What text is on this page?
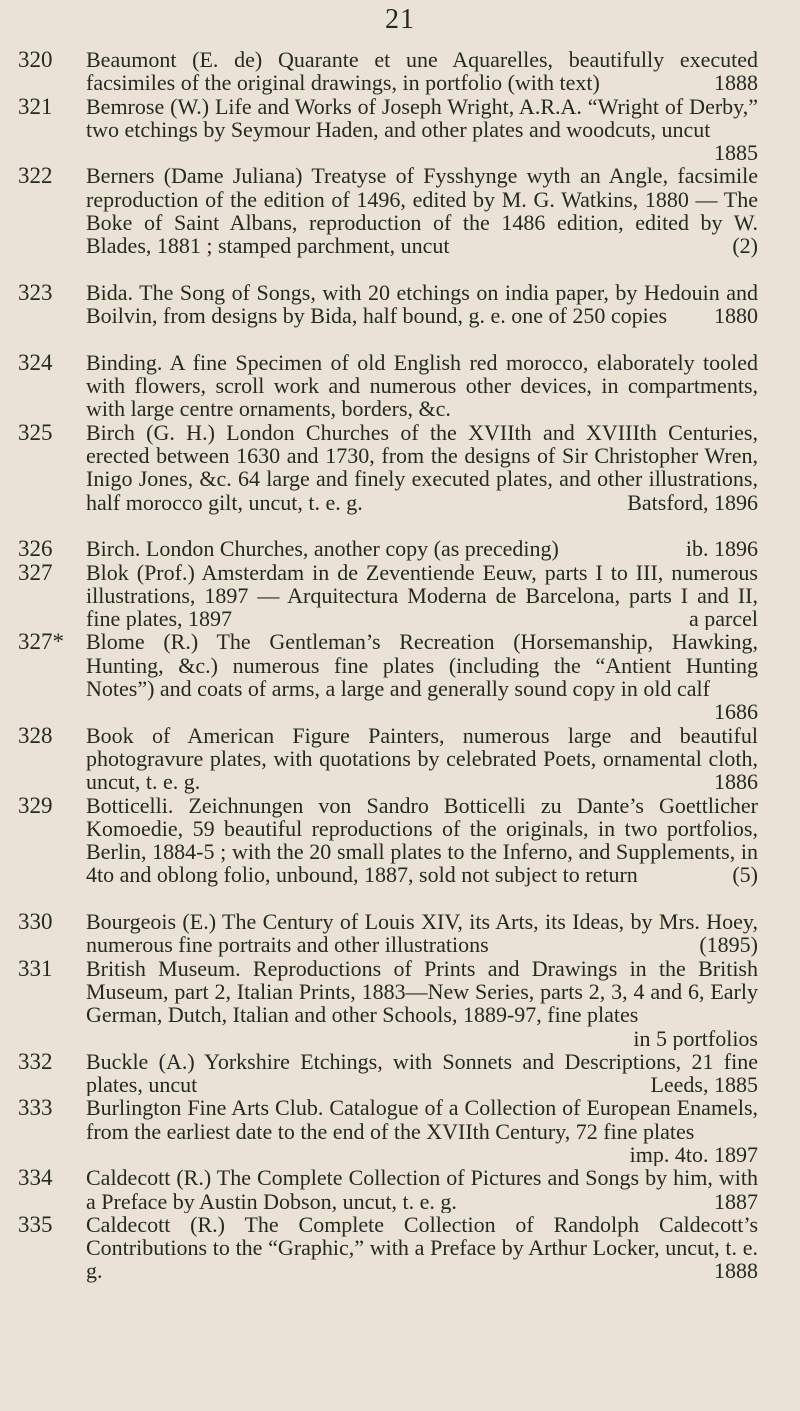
21
320	Beaumont (E. de) Quarante et une Aquarelles, beautifully executed facsimiles of the original drawings, in portfolio (with text)	1888
321	Bemrose (W.) Life and Works of Joseph Wright, A.R.A. “Wright of Derby,” two etchings by Seymour Haden, and other plates and woodcuts, uncut
1885
322	Berners (Dame Juliana) Treatyse of Fysshynge wyth an Angle, facsimile reproduction of the edition of 1496, edited by M. G. Watkins, 1880 — The Boke of Saint Albans, reproduction of the 1486 edition, edited by W. Blades, 1881 ; stamped parchment, uncut	(2)
323	Bida. The Song of Songs, with 20 etchings on india paper, by Hedouin and Boilvin, from designs by Bida, half bound, g. e. one of 250 copies 1880
324	Binding. A fine Specimen of old English red morocco, elaborately tooled with flowers, scroll work and numerous other devices, in compartments, with large centre ornaments, borders, &c.
325	Birch (G. H.) London Churches of the XVIIth and XVIIIth Centuries, erected between 1630 and 1730, from the designs of Sir Christopher Wren, Inigo Jones, &c. 64 large and finely executed plates, and other illustrations, half morocco gilt, uncut, t. e. g.	Batsford, 1896
326	Birch. London Churches, another copy (as preceding)	ib. 1896
327	Blok (Prof.) Amsterdam in de Zeventiende Eeuw, parts I to III, numerous illustrations, 1897 –– Arquitectura Moderna de Barcelona, parts I and II, fine plates, 1897	a parcel
327*	Blome (R.) The Gentleman’s Recreation (Horsemanship, Hawking, Hunting, &c.) numerous fine plates (including the “Antient Hunting Notes”) and coats of arms, a large and generally sound copy in old calf
1686
328	Book of American Figure Painters, numerous large and beautiful photogravure plates, with quotations by celebrated Poets, ornamental cloth, uncut, t. e. g.	1886
329	Botticelli. Zeichnungen von Sandro Botticelli zu Dante’s Goettlicher Komoedie, 59 beautiful reproductions of the originals, in two portfolios, Berlin, 1884-5 ; with the 20 small plates to the Inferno, and Supplements, in 4to and oblong folio, unbound, 1887, sold not subject to return	(5)
330	Bourgeois (E.) The Century of Louis XIV, its Arts, its Ideas, by Mrs. Hoey, numerous fine portraits and other illustrations	(1895)
331	British Museum. Reproductions of Prints and Drawings in the British Museum, part 2, Italian Prints, 1883—New Series, parts 2, 3, 4 and 6, Early German, Dutch, Italian and other Schools, 1889-97, fine plates
in 5 portfolios
332	Buckle (A.) Yorkshire Etchings, with Sonnets and Descriptions, 21 fine plates, uncut	Leeds, 1885
333	Burlington Fine Arts Club. Catalogue of a Collection of European Enamels, from the earliest date to the end of the XVIIth Century, 72 fine plates
imp. 4to. 1897
334	Caldecott (R.) The Complete Collection of Pictures and Songs by him, with a Preface by Austin Dobson, uncut, t. e. g.	1887
335	Caldecott (R.) The Complete Collection of Randolph Caldecott’s Contributions to the “Graphic,” with a Preface by Arthur Locker, uncut, t. e. g.	1888
